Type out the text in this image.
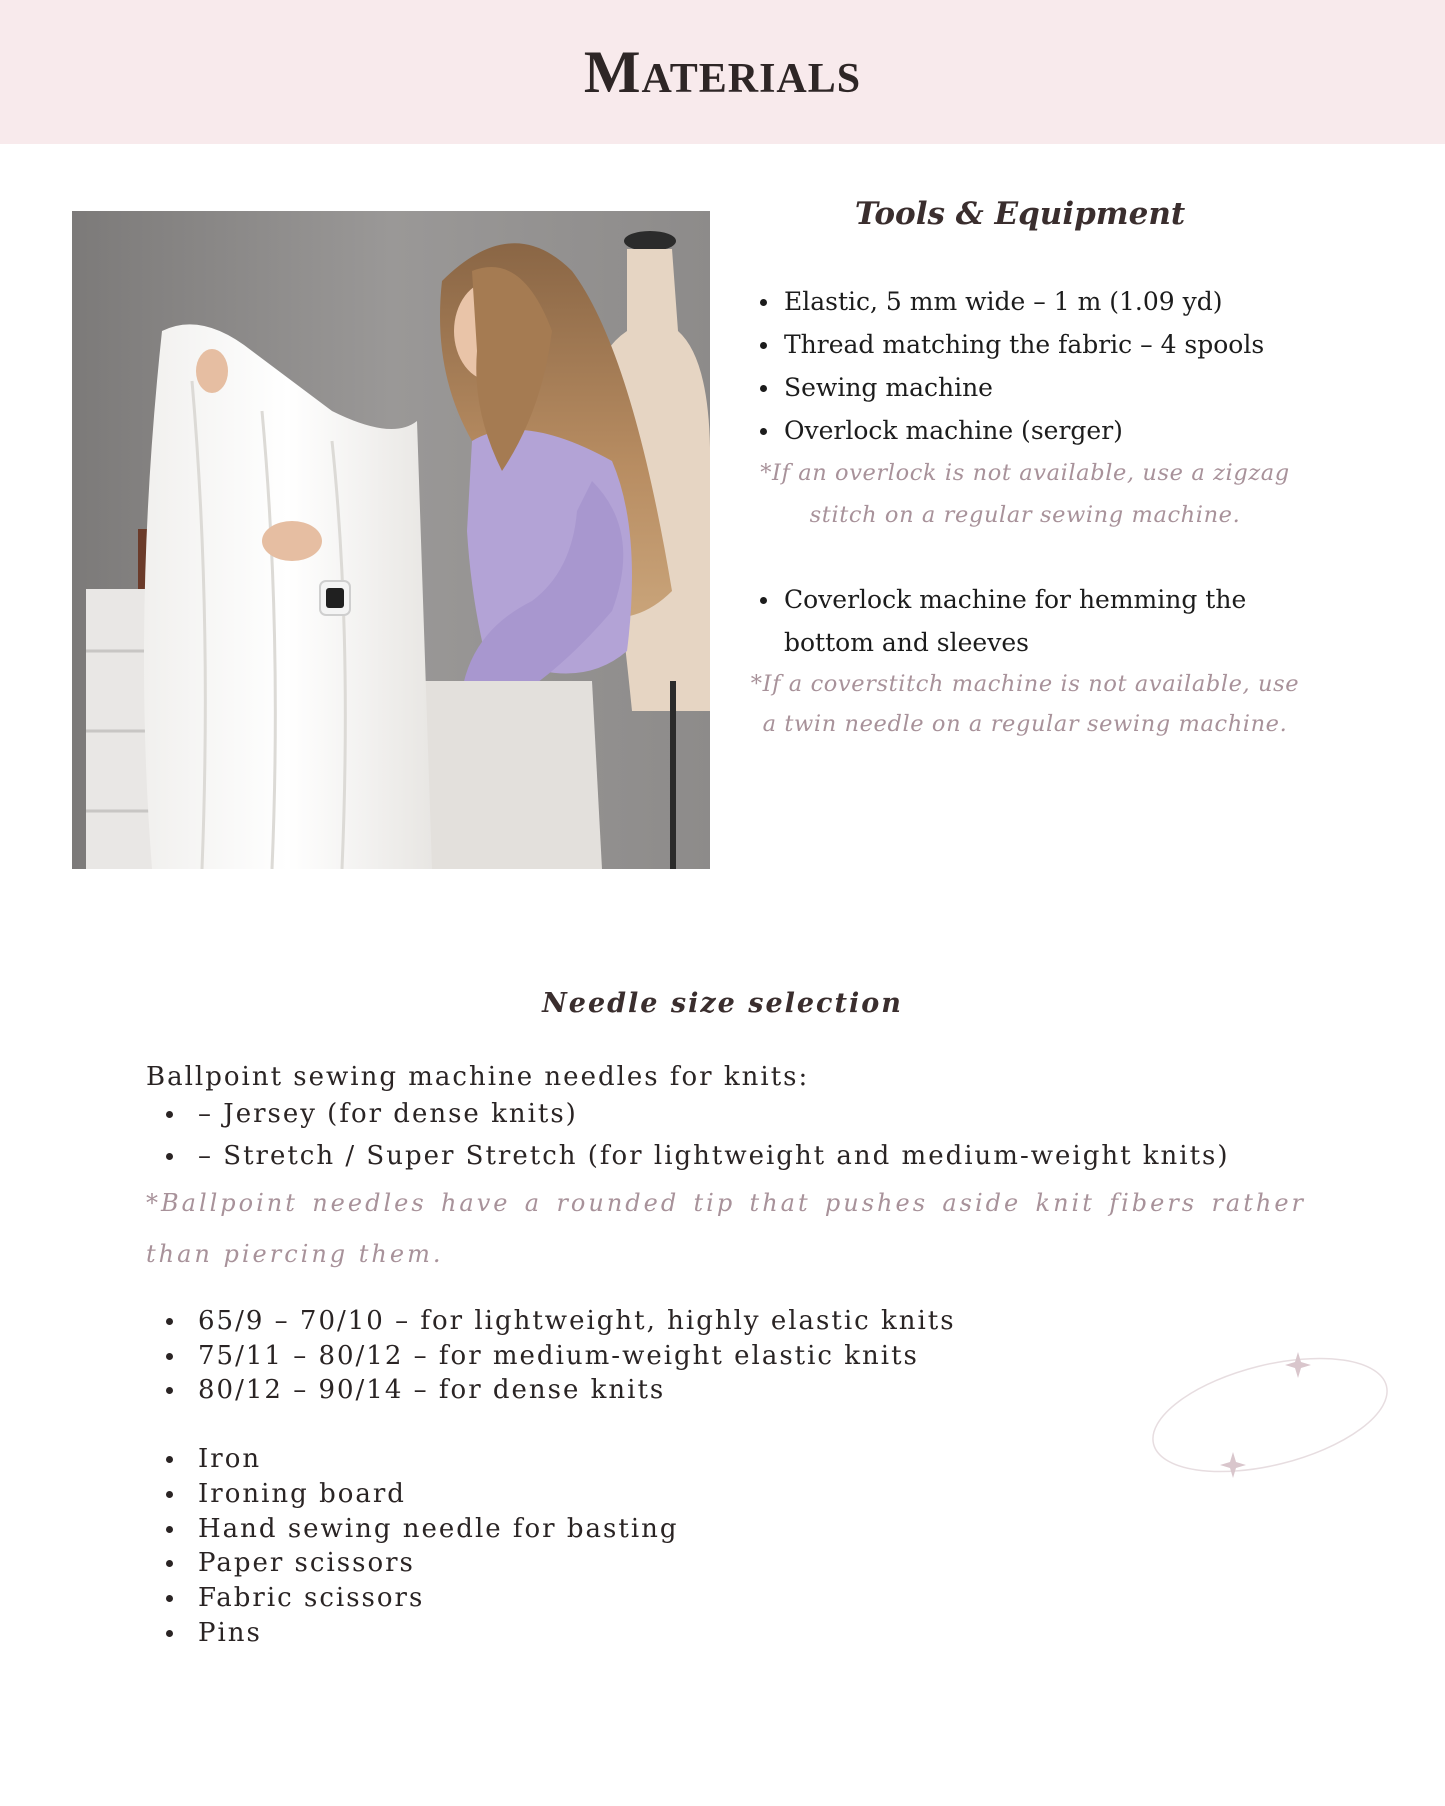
Materials
Tools & Equipment
Elastic, 5 mm wide – 1 m (1.09 yd)
Thread matching the fabric – 4 spools
Sewing machine
Overlock machine (serger)
*If an overlock is not available, use a zigzag stitch on a regular sewing machine.
Coverlock machine for hemming the bottom and sleeves
*If a coverstitch machine is not available, use a twin needle on a regular sewing machine.
Needle size selection
Ballpoint sewing machine needles for knits:
– Jersey (for dense knits)
– Stretch / Super Stretch (for lightweight and medium-weight knits)
*Ballpoint needles have a rounded tip that pushes aside knit fibers rather than piercing them.
65/9 – 70/10 – for lightweight, highly elastic knits
75/11 – 80/12 – for medium-weight elastic knits
80/12 – 90/14 – for dense knits
Iron
Ironing board
Hand sewing needle for basting
Paper scissors
Fabric scissors
Pins
